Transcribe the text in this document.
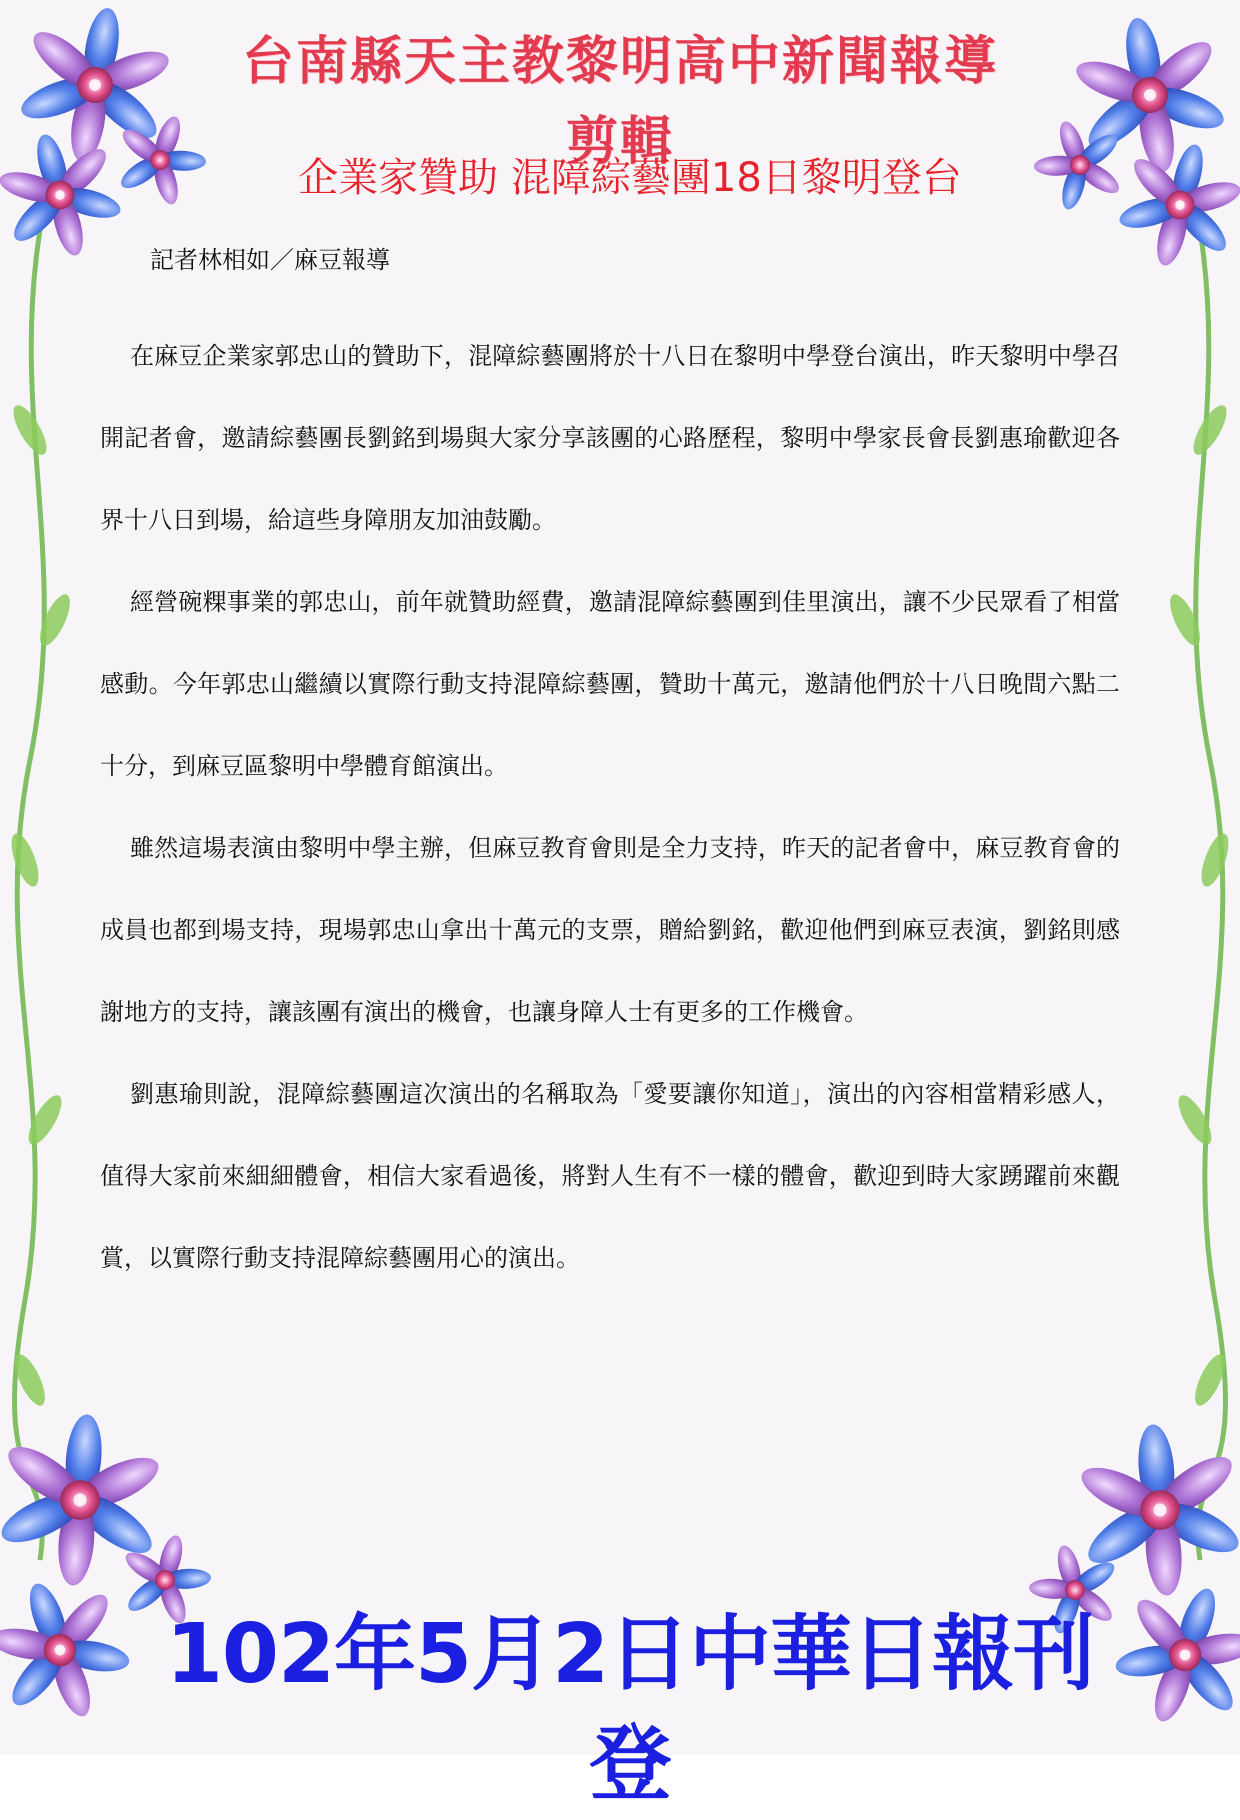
台南縣天主教黎明高中新聞報導剪輯
企業家贊助 混障綜藝團18日黎明登台
記者林相如／麻豆報導

在麻豆企業家郭忠山的贊助下，混障綜藝團將於十八日在黎明中學登台演出，昨天黎明中學召開記者會，邀請綜藝團長劉銘到場與大家分享該團的心路歷程，黎明中學家長會長劉惠瑜歡迎各界十八日到場，給這些身障朋友加油鼓勵。

經營碗粿事業的郭忠山，前年就贊助經費，邀請混障綜藝團到佳里演出，讓不少民眾看了相當感動。今年郭忠山繼續以實際行動支持混障綜藝團，贊助十萬元，邀請他們於十八日晚間六點二十分，到麻豆區黎明中學體育館演出。

雖然這場表演由黎明中學主辦，但麻豆教育會則是全力支持，昨天的記者會中，麻豆教育會的成員也都到場支持，現場郭忠山拿出十萬元的支票，贈給劉銘，歡迎他們到麻豆表演，劉銘則感謝地方的支持，讓該團有演出的機會，也讓身障人士有更多的工作機會。

劉惠瑜則說，混障綜藝團這次演出的名稱取為「愛要讓你知道」，演出的內容相當精彩感人，值得大家前來細細體會，相信大家看過後，將對人生有不一樣的體會，歡迎到時大家踴躍前來觀賞，以實際行動支持混障綜藝團用心的演出。

102年5月2日中華日報刊登
